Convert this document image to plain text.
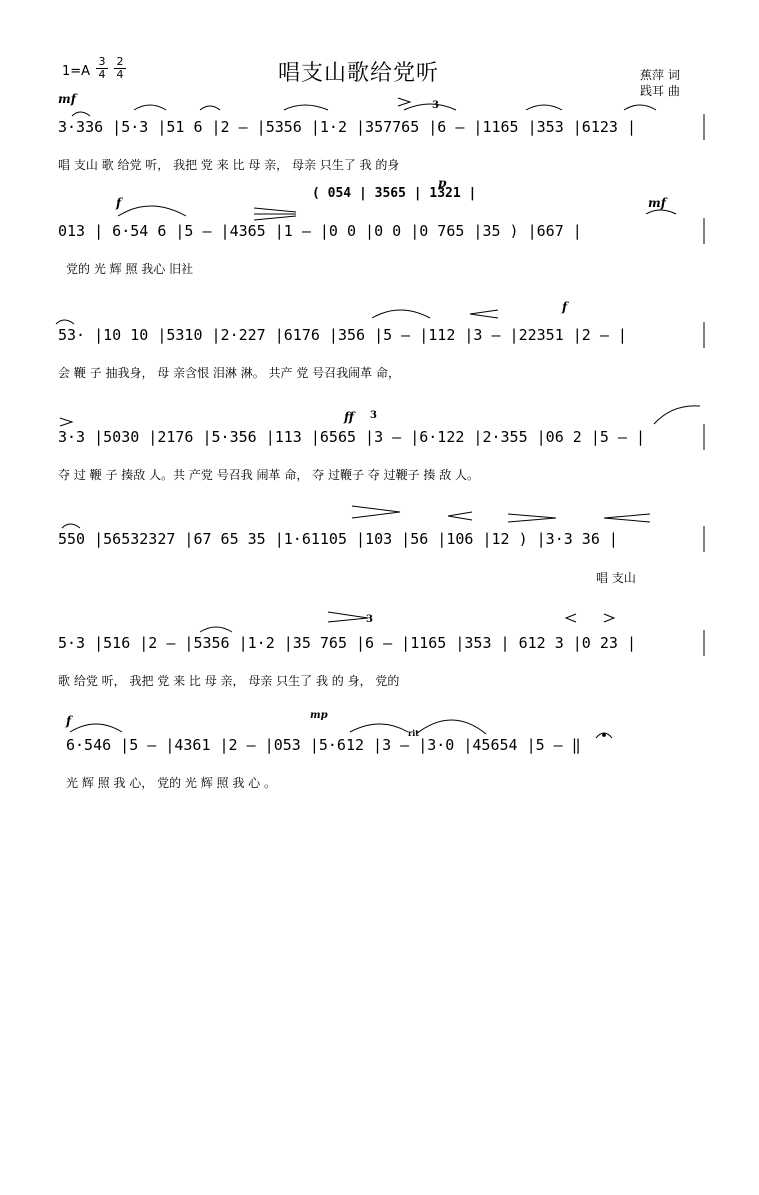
1=A
3
4
2
4	唱支山歌给党听	蕉萍 词
践耳 曲
mf	3
3·336 |5·3 |51 6 |2 – |5356 |1·2 |357765 |6 – |1165 |353 |6123 |
唱 支山 歌 给党 听， 我把 党 来 比 母 亲， 母亲 只生了 我 的身
( 054 | 3565 | 1321 |
f
p
mf
013 | 6·54 6 |5 – |4365 |1 – |0 0 |0 0 |0 765 |35 ) |667 |
党的 光 辉 照 我心 旧社
f
53· |10 10 |5310 |2·227 |6176 |356 |5 – |112 |3 – |22351 |2 – |
会 鞭 子 抽我身， 母 亲含恨 泪淋 淋。 共产 党 号召我闹革 命，
ff 3
3·3 |5030 |2176 |5·356 |113 |6565 |3 – |6·122 |2·355 |06 2 |5 – |
夺 过 鞭 子 揍敌 人。共 产党 号召我 闹革 命， 夺 过鞭子 夺 过鞭子 揍 敌 人。
550 |56532327 |67 65 35 |1·61105 |103 |56 |106 |12 ) |3·3 36 |
唱 支山
3
5·3 |516 |2 – |5356 |1·2 |35 765 |6 – |1165 |353 | 612 3 |0 23 |
歌 给党 听， 我把 党 来 比 母 亲， 母亲 只生了 我 的 身， 党的
f	mp
rit
6·546 |5 – |4361 |2 – |053 |5·612 |3 – |3·0 |45654 |5 – ‖
光 辉 照 我 心， 党的 光 辉 照 我 心 。
